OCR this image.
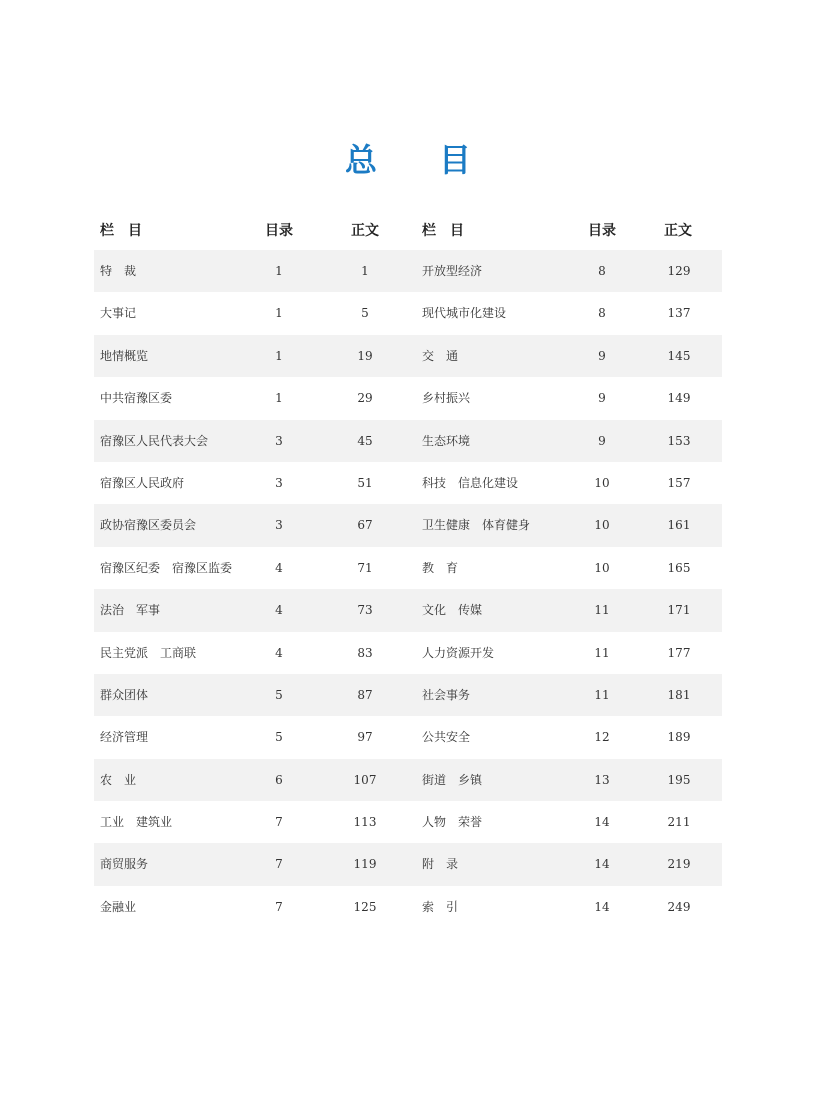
总目
栏　目	目录	正文	栏　目	目录	正文
特　裁	1	1	开放型经济	8	129
大事记	1	5	现代城市化建设	8	137
地情概览	1	19	交　通	9	145
中共宿豫区委	1	29	乡村振兴	9	149
宿豫区人民代表大会	3	45	生态环境	9	153
宿豫区人民政府	3	51	科技　信息化建设	10	157
政协宿豫区委员会	3	67	卫生健康　体育健身	10	161
宿豫区纪委　宿豫区监委	4	71	教　育	10	165
法治　军事	4	73	文化　传媒	11	171
民主党派　工商联	4	83	人力资源开发	11	177
群众团体	5	87	社会事务	11	181
经济管理	5	97	公共安全	12	189
农　业	6	107	街道　乡镇	13	195
工业　建筑业	7	113	人物　荣誉	14	211
商贸服务	7	119	附　录	14	219
金融业	7	125	索　引	14	249
